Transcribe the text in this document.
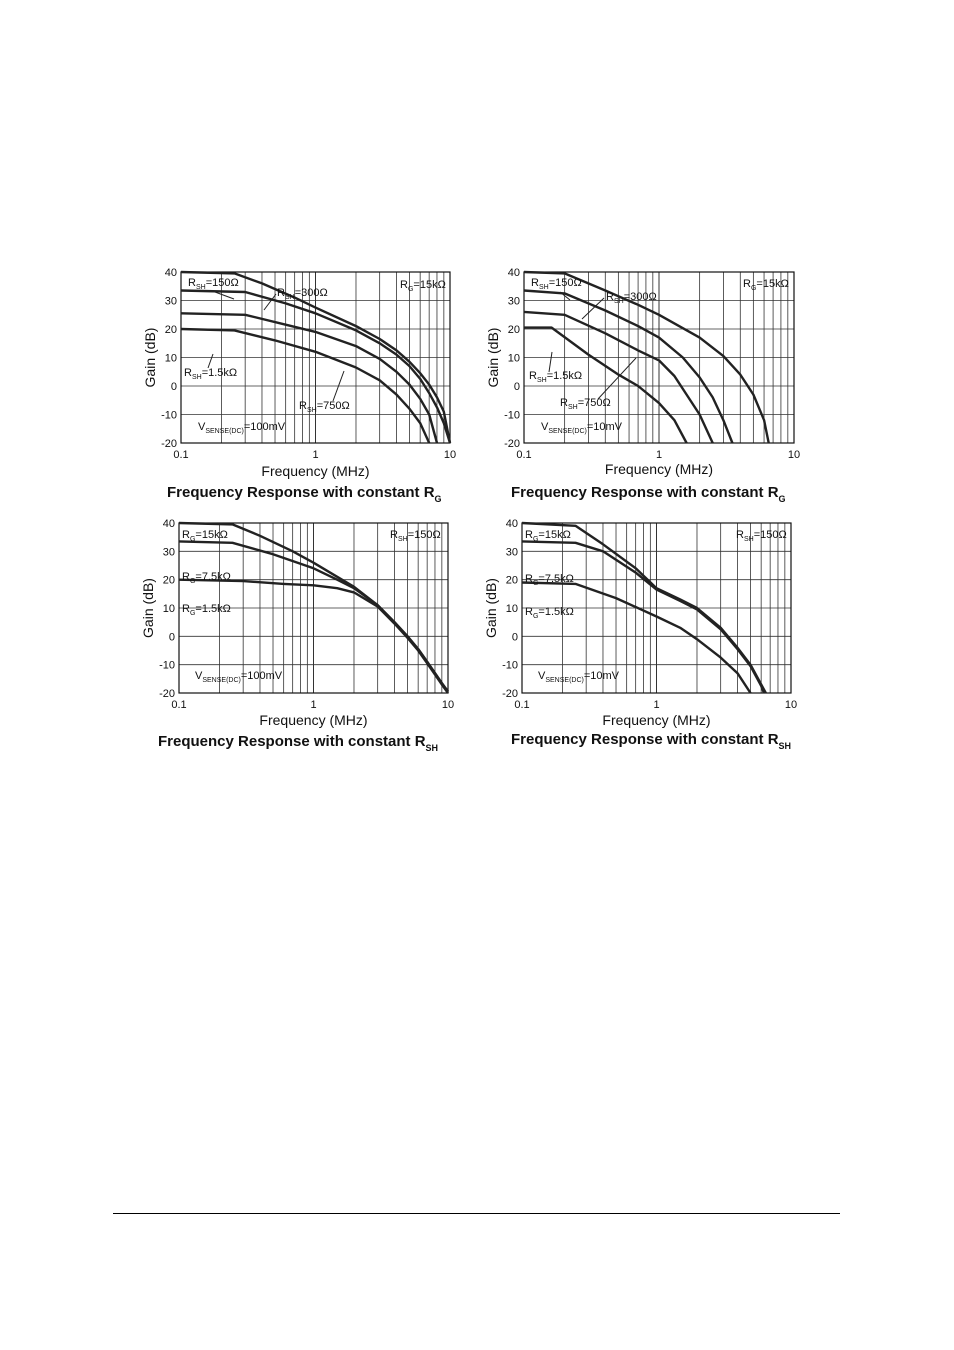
40
30
20
10
0
-10
-20
0.1	1	10
Frequency (MHz)
Gain (dB)
Frequency Response with constant $R_G$
$R_{SH}=150\Omega$
$R_{SH}=300\Omega$
$R_{SH}=1.5k\Omega$
$R_{SH}=750\Omega$
$R_G=15k\Omega$
$V_{SENSE(DC)}=100mV$
40
30
20
10
0
-10
-20
0.1	1	10
Frequency (MHz)
Gain (dB)
Frequency Response with constant $R_G$
$R_{SH}=150\Omega$
$R_{SH}=300\Omega$
$R_{SH}=1.5k\Omega$
$R_{SH}=750\Omega$
$R_G=15k\Omega$
$V_{SENSE(DC)}=10mV$
40
30
20
10
0
-10
-20
0.1	1	10
Frequency (MHz)
Gain (dB)
Frequency Response with constant $R_{SH}$
$R_G=15k\Omega$
$R_G=7.5k\Omega$
$R_G=1.5k\Omega$
$R_{SH}=150\Omega$
$V_{SENSE(DC)}=100mV$
40
30
20
10
0
-10
-20
0.1	1	10
Frequency (MHz)
Gain (dB)
Frequency Response with constant $R_{SH}$
$R_G=15k\Omega$
$R_G=7.5k\Omega$
$R_G=1.5k\Omega$
$R_{SH}=150\Omega$
$V_{SENSE(DC)}=10mV$
